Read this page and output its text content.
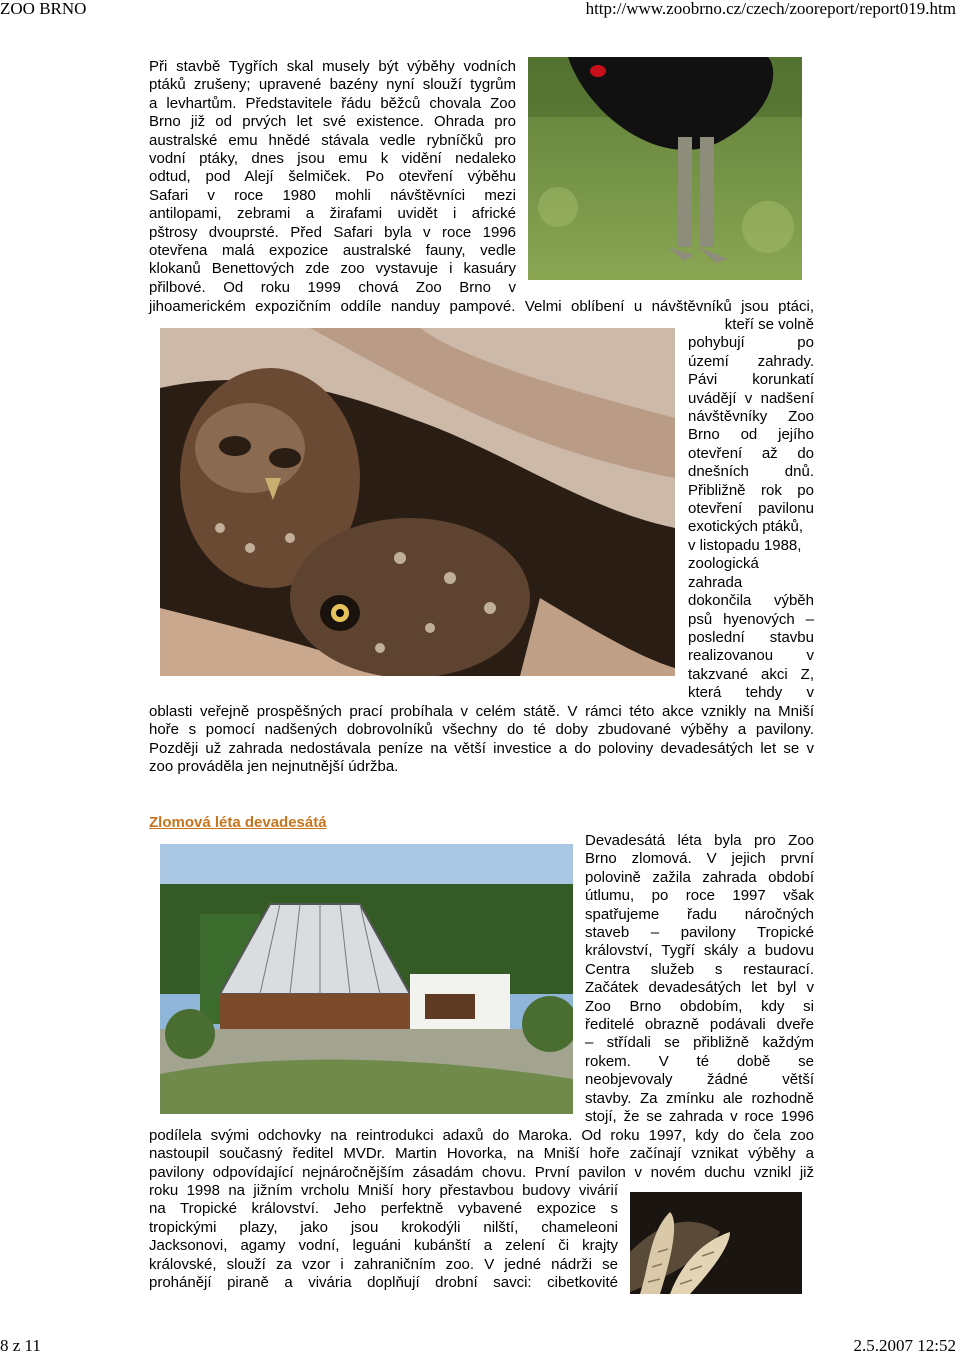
ZOO BRNO	http://www.zoobrno.cz/czech/zooreport/report019.htm
Při stavbě Tygřích skal musely být výběhy vodních
ptáků zrušeny; upravené bazény nyní slouží tygrům
a levhartům. Představitele řádu běžců chovala Zoo
Brno již od prvých let své existence. Ohrada pro
australské emu hnědé stávala vedle rybníčků pro
vodní ptáky, dnes jsou emu k vidění nedaleko
odtud, pod Alejí šelmiček. Po otevření výběhu
Safari v roce 1980 mohli návštěvníci mezi
antilopami, zebrami a žirafami uvidět i africké
pštrosy dvouprsté. Před Safari byla v roce 1996
otevřena malá expozice australské fauny, vedle
klokanů Benettových zde zoo vystavuje i kasuáry
přilbové. Od roku 1999 chová Zoo Brno v
jihoamerickém expozičním oddíle nanduy pampové. Velmi oblíbení u návštěvníků jsou ptáci,
kteří se volně
pohybují po
území zahrady.
Pávi korunkatí
uvádějí v nadšení
návštěvníky Zoo
Brno od jejího
otevření až do
dnešních dnů.
Přibližně rok po
otevření pavilonu
exotických ptáků,
v listopadu 1988,
zoologická
zahrada
dokončila výběh
psů hyenových –
poslední stavbu
realizovanou v
takzvané akci Z,
která tehdy v
oblasti veřejně prospěšných prací probíhala v celém státě. V rámci této akce vznikly na Mniší
hoře s pomocí nadšených dobrovolníků všechny do té doby zbudované výběhy a pavilony.
Později už zahrada nedostávala peníze na větší investice a do poloviny devadesátých let se v
zoo prováděla jen nejnutnější údržba.
Zlomová léta devadesátá
Devadesátá léta byla pro Zoo
Brno zlomová. V jejich první
polovině zažila zahrada období
útlumu, po roce 1997 však
spatřujeme řadu náročných
staveb – pavilony Tropické
království, Tygří skály a budovu
Centra služeb s restaurací.
Začátek devadesátých let byl v
Zoo Brno obdobím, kdy si
ředitelé obrazně podávali dveře
– střídali se přibližně každým
rokem. V té době se
neobjevovaly žádné větší
stavby. Za zmínku ale rozhodně
stojí, že se zahrada v roce 1996
podílela svými odchovky na reintrodukci adaxů do Maroka. Od roku 1997, kdy do čela zoo
nastoupil současný ředitel MVDr. Martin Hovorka, na Mniší hoře začínají vznikat výběhy a
pavilony odpovídající nejnáročnějším zásadám chovu. První pavilon v novém duchu vznikl již
roku 1998 na jižním vrcholu Mniší hory přestavbou budovy vivárií
na Tropické království. Jeho perfektně vybavené expozice s
tropickými plazy, jako jsou krokodýli nilští, chameleoni
Jacksonovi, agamy vodní, leguáni kubánští a zelení či krajty
královské, slouží za vzor i zahraničním zoo. V jedné nádrži se
prohánějí piraně a vivária doplňují drobní savci: cibetkovité
8 z 11	2.5.2007 12:52
